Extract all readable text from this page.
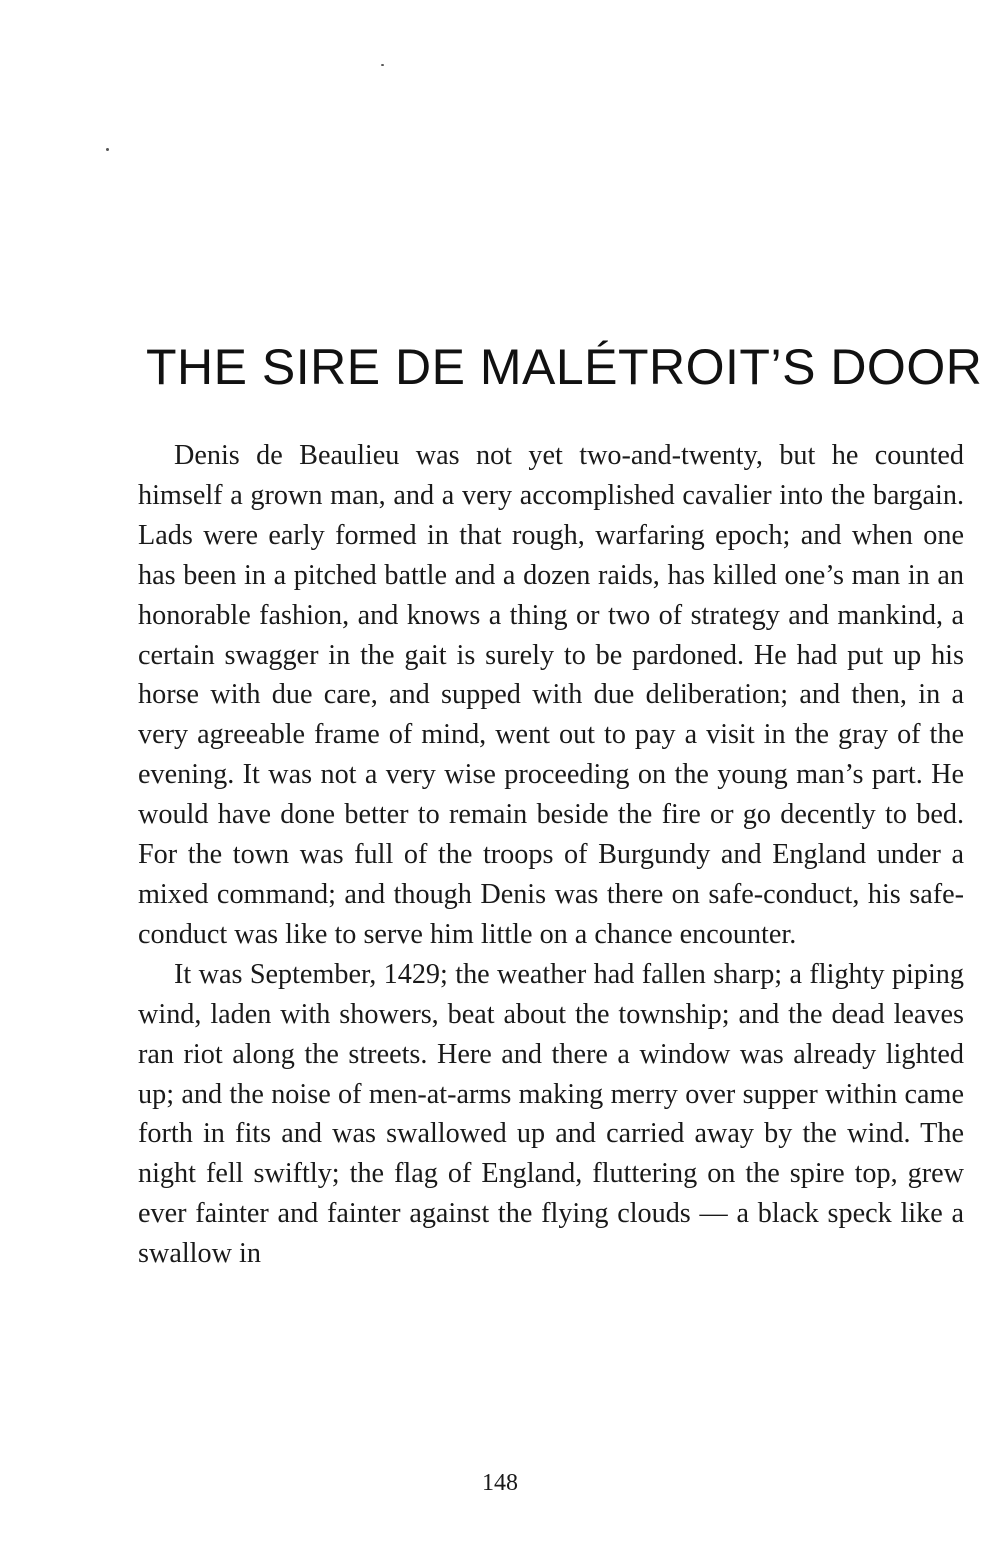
THE SIRE DE MALÉTROIT’S DOOR

Denis de Beaulieu was not yet two-and-twenty, but he counted himself a grown man, and a very accomplished cavalier into the bargain. Lads were early formed in that rough, warfaring epoch; and when one has been in a pitched battle and a dozen raids, has killed one’s man in an honorable fashion, and knows a thing or two of strategy and mankind, a certain swagger in the gait is surely to be pardoned. He had put up his horse with due care, and supped with due deliberation; and then, in a very agreeable frame of mind, went out to pay a visit in the gray of the evening. It was not a very wise proceeding on the young man’s part. He would have done better to remain beside the fire or go decently to bed. For the town was full of the troops of Burgundy and England under a mixed command; and though Denis was there on safe-conduct, his safe-conduct was like to serve him little on a chance encounter.

It was September, 1429; the weather had fallen sharp; a flighty piping wind, laden with showers, beat about the township; and the dead leaves ran riot along the streets. Here and there a window was already lighted up; and the noise of men-at-arms making merry over supper within came forth in fits and was swallowed up and carried away by the wind. The night fell swiftly; the flag of England, fluttering on the spire top, grew ever fainter and fainter against the flying clouds — a black speck like a swallow in

148
